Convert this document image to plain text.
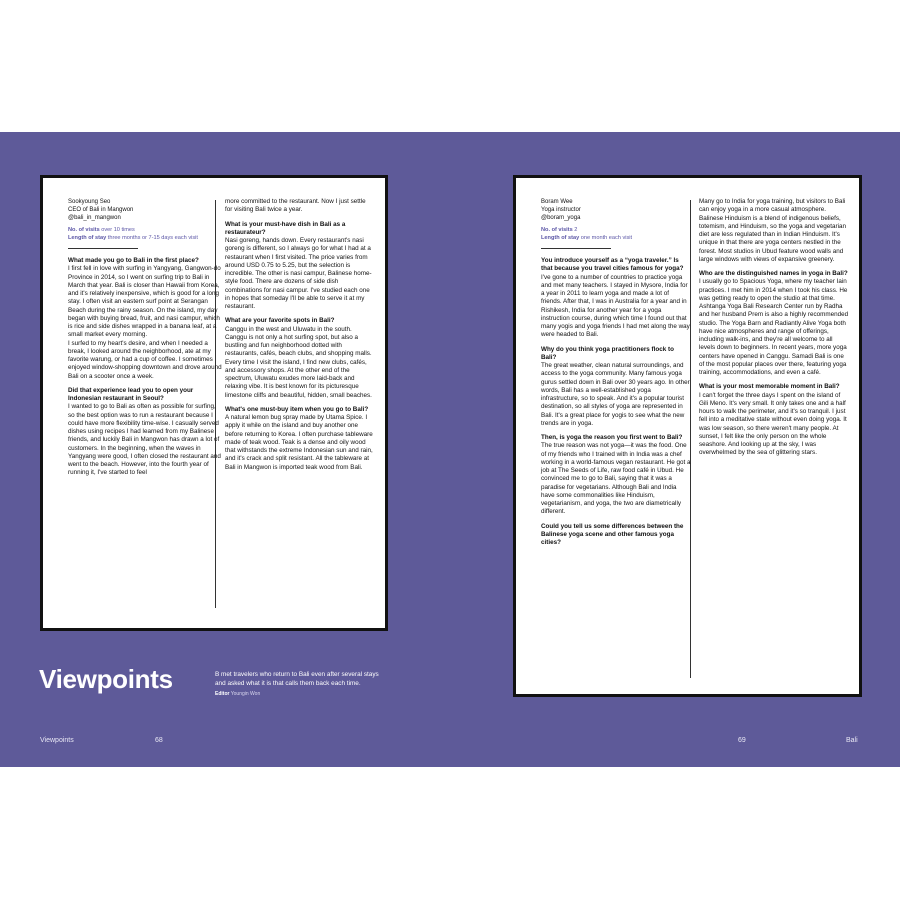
Sookyoung Seo
CEO of Bali in Mangwon
@bali_in_mangwon
No. of visits over 10 times
Length of stay three months or 7-15 days each visit

What made you go to Bali in the first place?

I first fell in love with surfing in Yangyang, Gangwon-do Province in 2014, so I went on surfing trip to Bali in March that year. Bali is closer than Hawaii from Korea, and it's relatively inexpensive, which is good for a long stay. I often visit an eastern surf point at Serangan Beach during the rainy season. On the island, my day began with buying bread, fruit, and nasi campur, which is rice and side dishes wrapped in a banana leaf, at a small market every morning.
I surfed to my heart's desire, and when I needed a break, I looked around the neighborhood, ate at my favorite warung, or had a cup of coffee. I sometimes enjoyed window-shopping downtown and drove around Bali on a scooter once a week.

Did that experience lead you to open your Indonesian restaurant in Seoul?

I wanted to go to Bali as often as possible for surfing, so the best option was to run a restaurant because I could have more flexibility time-wise. I casually served dishes using recipes I had learned from my Balinese friends, and luckily Bali in Mangwon has drawn a lot of customers. In the beginning, when the waves in Yangyang were good, I often closed the restaurant and went to the beach. However, into the fourth year of running it, I've started to feel

more committed to the restaurant. Now I just settle for visiting Bali twice a year.

What is your must-have dish in Bali as a restaurateur?

Nasi goreng, hands down. Every restaurant's nasi goreng is different, so I always go for what I had at a restaurant when I first visited. The price varies from around USD 0.75 to 5.25, but the selection is incredible. The other is nasi campur, Balinese home-style food. There are dozens of side dish combinations for nasi campur. I've studied each one in hopes that someday I'll be able to serve it at my restaurant.

What are your favorite spots in Bali?

Canggu in the west and Uluwatu in the south. Canggu is not only a hot surfing spot, but also a bustling and fun neighborhood dotted with restaurants, cafés, beach clubs, and shopping malls. Every time I visit the island, I find new clubs, cafés, and accessory shops. At the other end of the spectrum, Uluwatu exudes more laid-back and relaxing vibe. It is best known for its picturesque limestone cliffs and beautiful, hidden, small beaches.

What's one must-buy item when you go to Bali?

A natural lemon bug spray made by Utama Spice. I apply it while on the island and buy another one before returning to Korea. I often purchase tableware made of teak wood. Teak is a dense and oily wood that withstands the extreme Indonesian sun and rain, and it's crack and split resistant. All the tableware at Bali in Mangwon is imported teak wood from Bali.

Boram Wee
Yoga instructor
@boram_yoga
No. of visits 2
Length of stay one month each visit

You introduce yourself as a “yoga traveler.” Is that because you travel cities famous for yoga?

I've gone to a number of countries to practice yoga and met many teachers. I stayed in Mysore, India for a year in 2011 to learn yoga and made a lot of friends. After that, I was in Australia for a year and in Rishikesh, India for another year for a yoga instruction course, during which time I found out that many yogis and yoga friends I had met along the way were headed to Bali.

Why do you think yoga practitioners flock to Bali?

The great weather, clean natural surroundings, and access to the yoga community. Many famous yoga gurus settled down in Bali over 30 years ago. In other words, Bali has a well-established yoga infrastructure, so to speak. And it's a popular tourist destination, so all styles of yoga are represented in Bali. It's a great place for yogis to see what the new trends are in yoga.

Then, is yoga the reason you first went to Bali?

The true reason was not yoga—it was the food. One of my friends who I trained with in India was a chef working in a world-famous vegan restaurant. He got a job at The Seeds of Life, raw food café in Ubud. He convinced me to go to Bali, saying that it was a paradise for vegetarians. Although Bali and India have some commonalities like Hinduism, vegetarianism, and yoga, the two are diametrically different.

Could you tell us some differences between the Balinese yoga scene and other famous yoga cities?

Many go to India for yoga training, but visitors to Bali can enjoy yoga in a more casual atmosphere. Balinese Hinduism is a blend of indigenous beliefs, totemism, and Hinduism, so the yoga and vegetarian diet are less regulated than in Indian Hinduism. It's unique in that there are yoga centers nestled in the forest. Most studios in Ubud feature wood walls and large windows with views of expansive greenery.

Who are the distinguished names in yoga in Bali?

I usually go to Spacious Yoga, where my teacher Iain practices. I met him in 2014 when I took his class. He was getting ready to open the studio at that time. Ashtanga Yoga Bali Research Center run by Radha and her husband Prem is also a highly recommended studio. The Yoga Barn and Radiantly Alive Yoga both have nice atmospheres and range of offerings, including walk-ins, and they're all welcome to all levels down to beginners. In recent years, more yoga centers have opened in Canggu. Samadi Bali is one of the most popular places over there, featuring yoga training, accommodations, and even a café.

What is your most memorable moment in Bali?

I can't forget the three days I spent on the island of Gili Meno. It's very small. It only takes one and a half hours to walk the perimeter, and it's so tranquil. I just fell into a meditative state without even doing yoga. It was low season, so there weren't many people. At sunset, I felt like the only person on the whole seashore. And looking up at the sky, I was overwhelmed by the sea of glittering stars.

Viewpoints	B met travelers who return to Bali even after several stays and asked what it is that calls them back each time.
Editor Youngin Won
Viewpoints	68	69	Bali
